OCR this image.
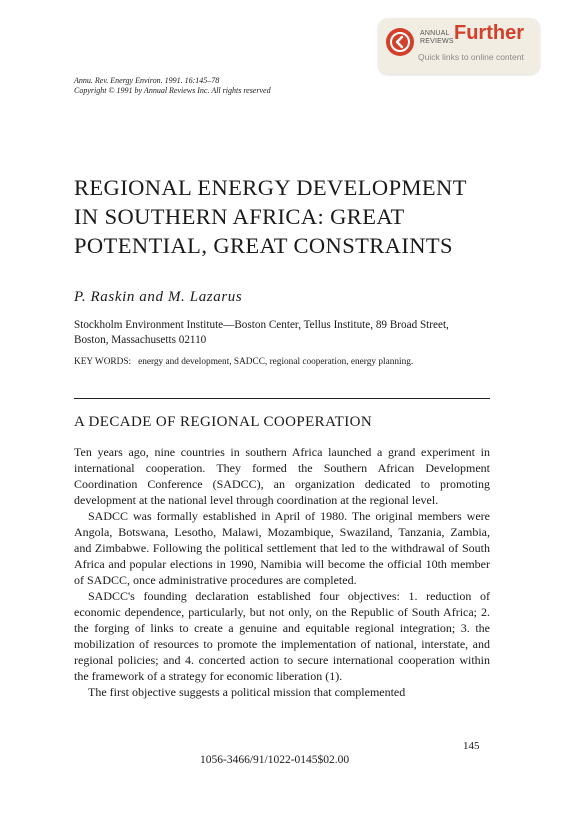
ANNUAL
REVIEWS Further
Quick links to online content
Annu. Rev. Energy Environ. 1991. 16:145–78
Copyright © 1991 by Annual Reviews Inc. All rights reserved
REGIONAL ENERGY DEVELOPMENT
IN SOUTHERN AFRICA: GREAT
POTENTIAL, GREAT CONSTRAINTS
P. Raskin and M. Lazarus
Stockholm Environment Institute—Boston Center, Tellus Institute, 89 Broad Street,
Boston, Massachusetts 02110
KEY WORDS: energy and development, SADCC, regional cooperation, energy planning.
A DECADE OF REGIONAL COOPERATION

Ten years ago, nine countries in southern Africa launched a grand experiment in international cooperation. They formed the Southern African Development Coordination Conference (SADCC), an organization dedicated to promoting development at the national level through coordination at the regional level.

SADCC was formally established in April of 1980. The original members were Angola, Botswana, Lesotho, Malawi, Mozambique, Swaziland, Tanzania, Zambia, and Zimbabwe. Following the political settlement that led to the withdrawal of South Africa and popular elections in 1990, Namibia will become the official 10th member of SADCC, once administrative procedures are completed.

SADCC's founding declaration established four objectives: 1. reduction of economic dependence, particularly, but not only, on the Republic of South Africa; 2. the forging of links to create a genuine and equitable regional integration; 3. the mobilization of resources to promote the implementation of national, interstate, and regional policies; and 4. concerted action to secure international cooperation within the framework of a strategy for economic liberation (1).

The first objective suggests a political mission that complemented

145
1056-3466/91/1022-0145$02.00
